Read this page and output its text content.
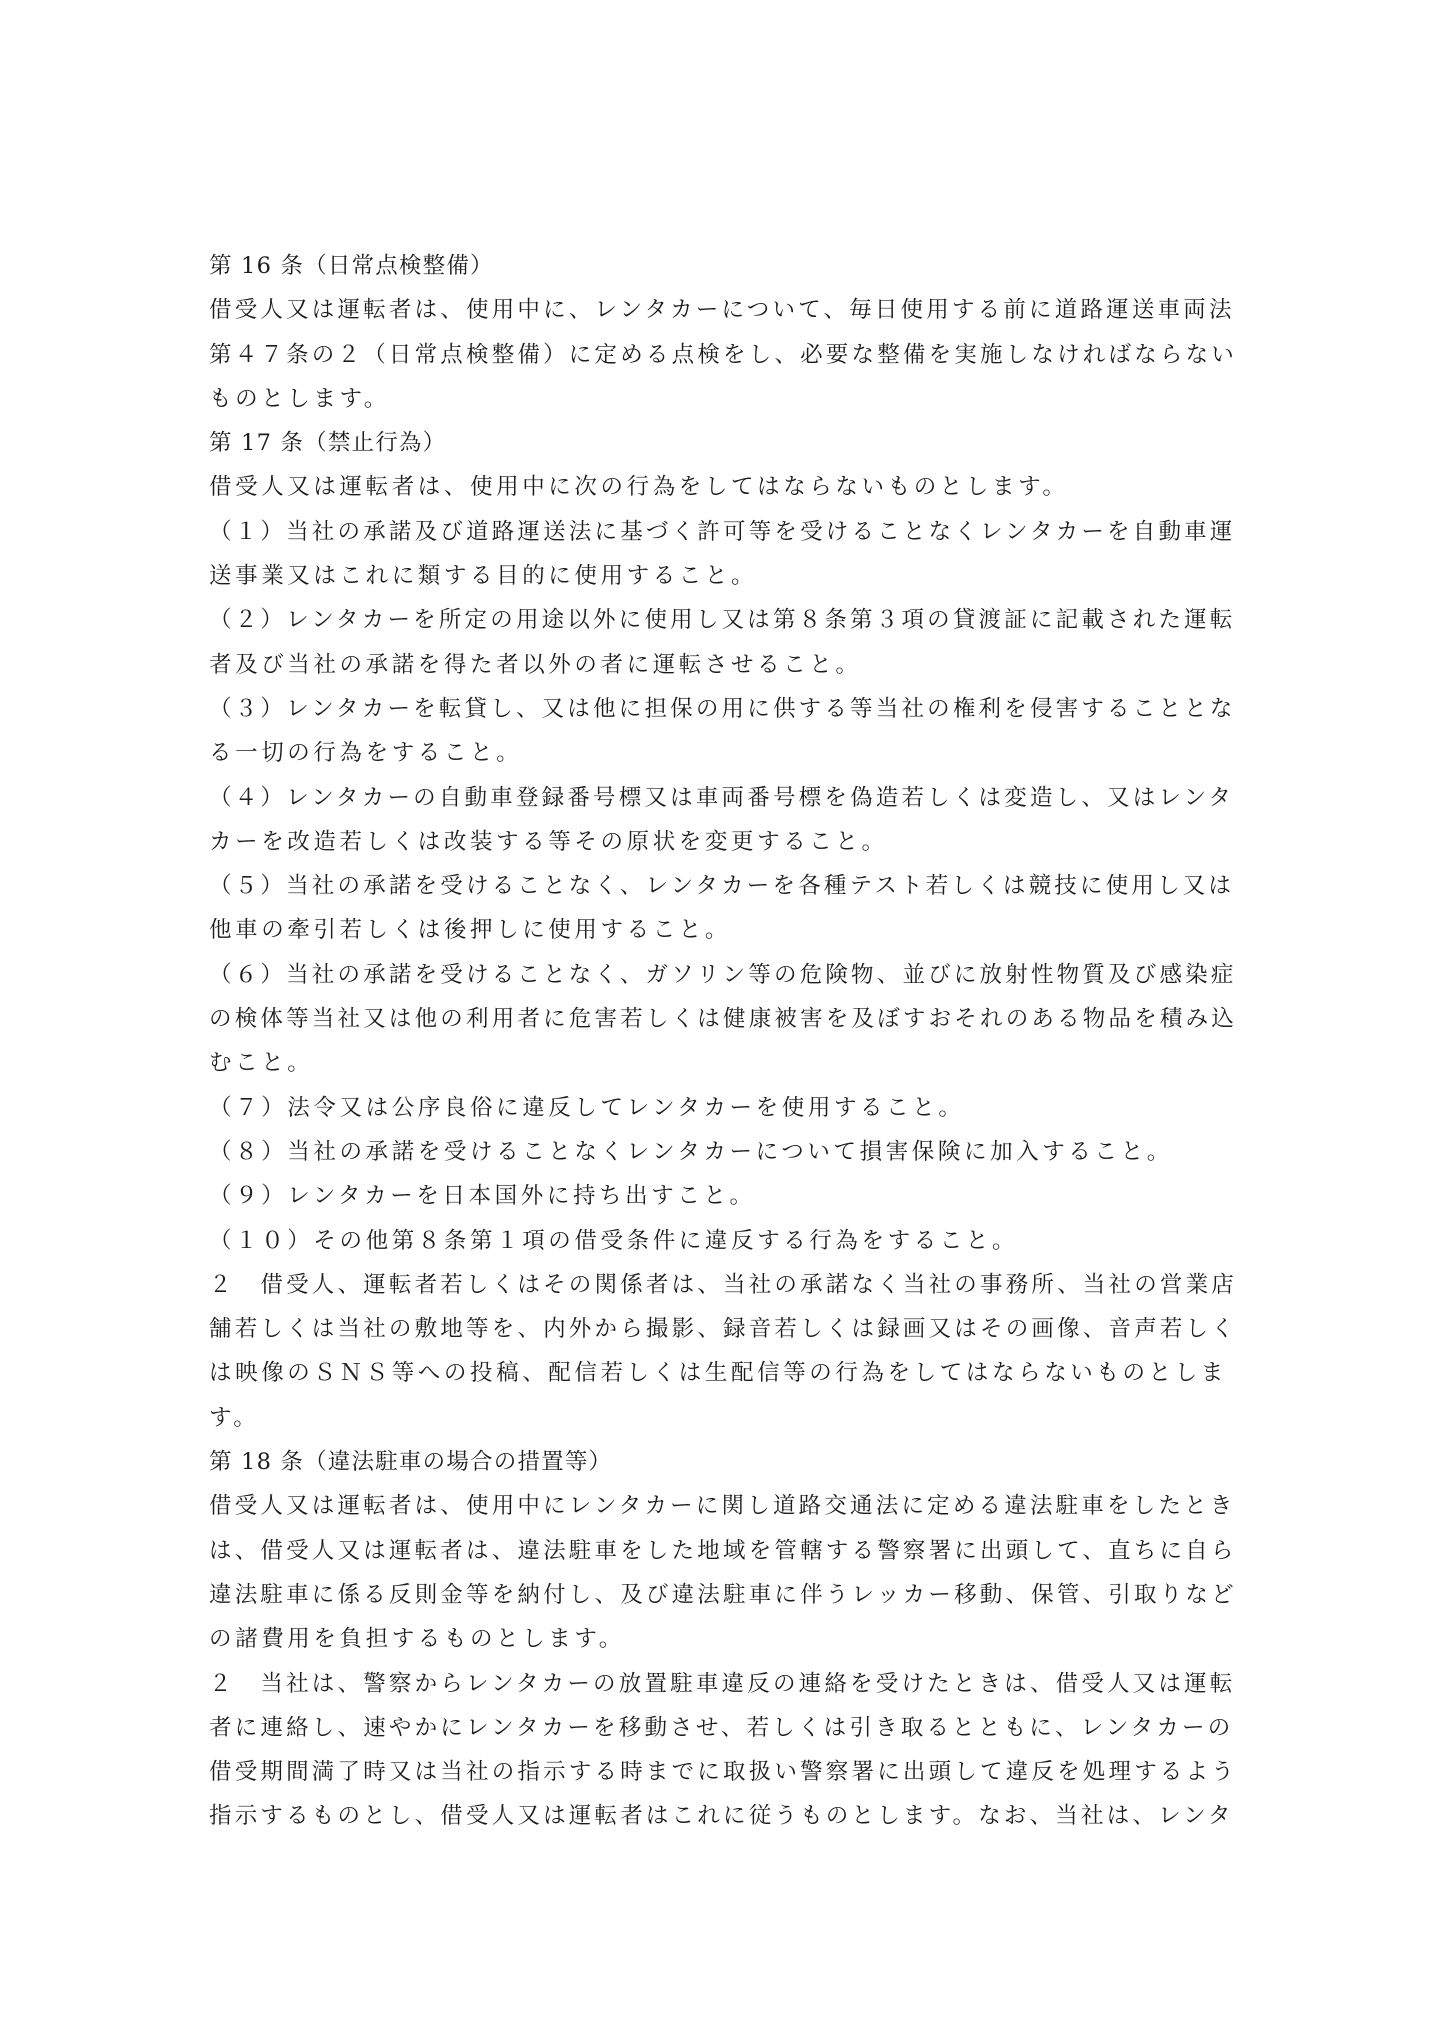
第 16 条（日常点検整備）
借受人又は運転者は、使用中に、レンタカーについて、毎日使用する前に道路運送車両法
第４７条の２（日常点検整備）に定める点検をし、必要な整備を実施しなければならない
ものとします。
第 17 条（禁止行為）
借受人又は運転者は、使用中に次の行為をしてはならないものとします。
（１）当社の承諾及び道路運送法に基づく許可等を受けることなくレンタカーを自動車運
送事業又はこれに類する目的に使用すること。
（２）レンタカーを所定の用途以外に使用し又は第８条第３項の貸渡証に記載された運転
者及び当社の承諾を得た者以外の者に運転させること。
（３）レンタカーを転貸し、又は他に担保の用に供する等当社の権利を侵害することとな
る一切の行為をすること。
（４）レンタカーの自動車登録番号標又は車両番号標を偽造若しくは変造し、又はレンタ
カーを改造若しくは改装する等その原状を変更すること。
（５）当社の承諾を受けることなく、レンタカーを各種テスト若しくは競技に使用し又は
他車の牽引若しくは後押しに使用すること。
（６）当社の承諾を受けることなく、ガソリン等の危険物、並びに放射性物質及び感染症
の検体等当社又は他の利用者に危害若しくは健康被害を及ぼすおそれのある物品を積み込
むこと。
（７）法令又は公序良俗に違反してレンタカーを使用すること。
（８）当社の承諾を受けることなくレンタカーについて損害保険に加入すること。
（９）レンタカーを日本国外に持ち出すこと。
（１０）その他第８条第１項の借受条件に違反する行為をすること。
２　借受人、運転者若しくはその関係者は、当社の承諾なく当社の事務所、当社の営業店
舗若しくは当社の敷地等を、内外から撮影、録音若しくは録画又はその画像、音声若しく
は映像のＳＮＳ等への投稿、配信若しくは生配信等の行為をしてはならないものとしま
す。
第 18 条（違法駐車の場合の措置等）
借受人又は運転者は、使用中にレンタカーに関し道路交通法に定める違法駐車をしたとき
は、借受人又は運転者は、違法駐車をした地域を管轄する警察署に出頭して、直ちに自ら
違法駐車に係る反則金等を納付し、及び違法駐車に伴うレッカー移動、保管、引取りなど
の諸費用を負担するものとします。
２　当社は、警察からレンタカーの放置駐車違反の連絡を受けたときは、借受人又は運転
者に連絡し、速やかにレンタカーを移動させ、若しくは引き取るとともに、レンタカーの
借受期間満了時又は当社の指示する時までに取扱い警察署に出頭して違反を処理するよう
指示するものとし、借受人又は運転者はこれに従うものとします。なお、当社は、レンタ
